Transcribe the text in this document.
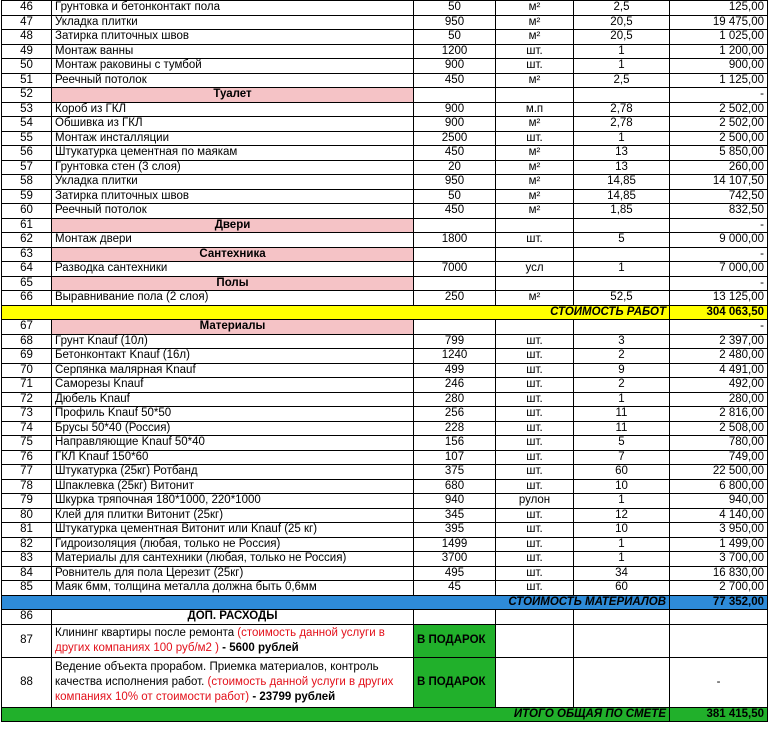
46	Грунтовка и бетонконтакт пола	50	м²	2,5	125,00
47	Укладка плитки	950	м²	20,5	19 475,00
48	Затирка плиточных швов	50	м²	20,5	1 025,00
49	Монтаж ванны	1200	шт.	1	1 200,00
50	Монтаж раковины с тумбой	900	шт.	1	900,00
51	Реечный потолок	450	м²	2,5	1 125,00
52	Туалет				-
53	Короб из ГКЛ	900	м.п	2,78	2 502,00
54	Обшивка из ГКЛ	900	м²	2,78	2 502,00
55	Монтаж инсталляции	2500	шт.	1	2 500,00
56	Штукатурка цементная по маякам	450	м²	13	5 850,00
57	Грунтовка стен (3 слоя)	20	м²	13	260,00
58	Укладка плитки	950	м²	14,85	14 107,50
59	Затирка плиточных швов	50	м²	14,85	742,50
60	Реечный потолок	450	м²	1,85	832,50
61	Двери				-
62	Монтаж двери	1800	шт.	5	9 000,00
63	Сантехника				-
64	Разводка сантехники	7000	усл	1	7 000,00
65	Полы				-
66	Выравнивание пола (2 слоя)	250	м²	52,5	13 125,00
СТОИМОСТЬ РАБОТ					304 063,50
67	Материалы				-
68	Грунт Knauf (10л)	799	шт.	3	2 397,00
69	Бетонконтакт Knauf (16л)	1240	шт.	2	2 480,00
70	Серпянка малярная Knauf	499	шт.	9	4 491,00
71	Саморезы Knauf	246	шт.	2	492,00
72	Дюбель Knauf	280	шт.	1	280,00
73	Профиль Knauf 50*50	256	шт.	11	2 816,00
74	Брусы 50*40 (Россия)	228	шт.	11	2 508,00
75	Направляющие Knauf 50*40	156	шт.	5	780,00
76	ГКЛ Knauf 150*60	107	шт.	7	749,00
77	Штукатурка (25кг) Ротбанд	375	шт.	60	22 500,00
78	Шпаклевка (25кг) Витонит	680	шт.	10	6 800,00
79	Шкурка тряпочная 180*1000, 220*1000	940	рулон	1	940,00
80	Клей для плитки Витонит (25кг)	345	шт.	12	4 140,00
81	Штукатурка цементная Витонит или Knauf (25 кг)	395	шт.	10	3 950,00
82	Гидроизоляция (любая, только не Россия)	1499	шт.	1	1 499,00
83	Материалы для сантехники (любая, только не Россия)	3700	шт.	1	3 700,00
84	Ровнитель для пола Церезит (25кг)	495	шт.	34	16 830,00
85	Маяк 6мм, толщина металла должна быть 0,6мм	45	шт.	60	2 700,00
СТОИМОСТЬ МАТЕРИАЛОВ					77 352,00
86	ДОП. РАСХОДЫ				
87	Клининг квартиры после ремонта (стоимость данной услуги в других компаниях 100 руб/м2 ) - 5600 рублей	В ПОДАРОК			
88	Ведение объекта прорабом. Приемка материалов, контроль качества исполнения работ. (стоимость данной услуги в других компаниях 10% от стоимости работ) - 23799 рублей	В ПОДАРОК			-
ИТОГО ОБЩАЯ ПО СМЕТЕ					381 415,50
